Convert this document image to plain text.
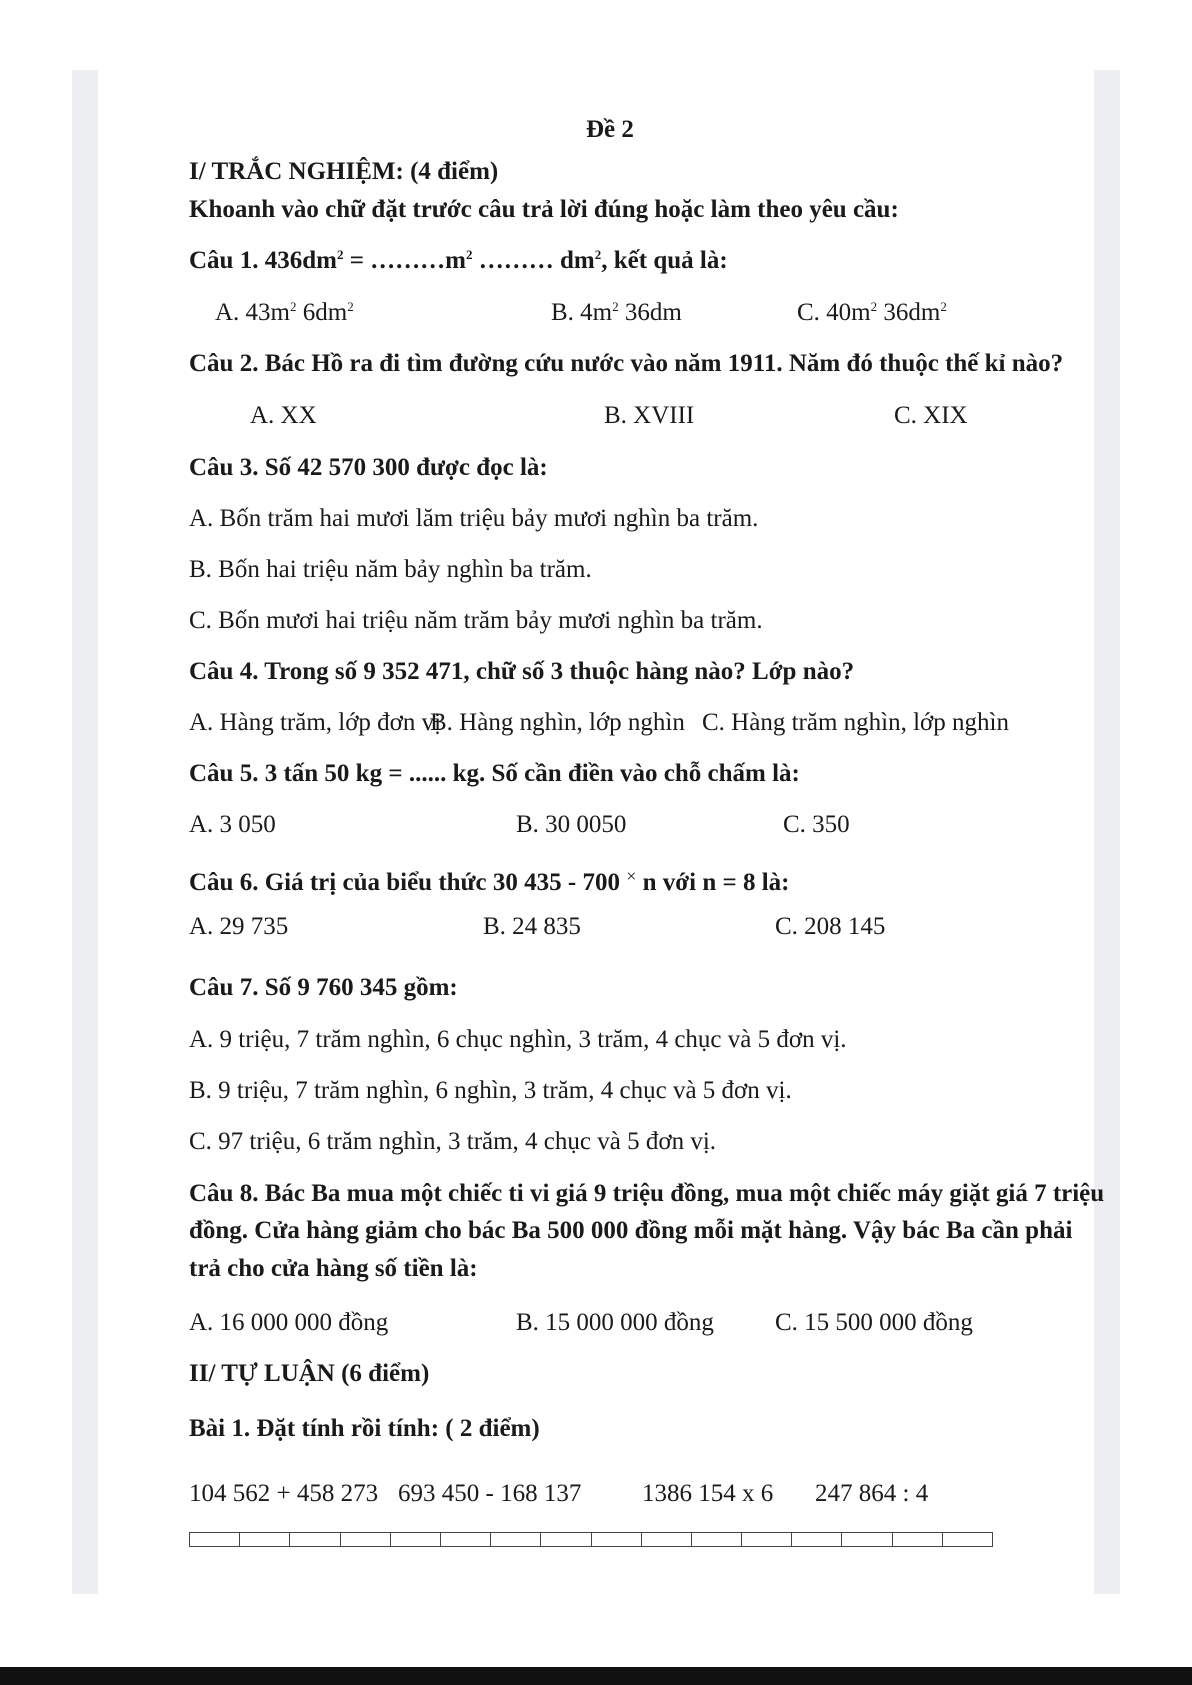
Đề 2
I/ TRẮC NGHIỆM: (4 điểm)
Khoanh vào chữ đặt trước câu trả lời đúng hoặc làm theo yêu cầu:
Câu 1. $436dm^2$ = $\dots\dots\dots m^2$ ……… $dm^2$, kết quả là:
A. $43m^2$ $6dm^2$	B. $4m^2$ 36dm	C. $40m^2$ $36dm^2$
Câu 2. Bác Hồ ra đi tìm đường cứu nước vào năm 1911. Năm đó thuộc thế kỉ nào?
A. XX	B. XVIII	C. XIX
Câu 3. Số 42 570 300 được đọc là:
A. Bốn trăm hai mươi lăm triệu bảy mươi nghìn ba trăm.
B. Bốn hai triệu năm bảy nghìn ba trăm.
C. Bốn mươi hai triệu năm trăm bảy mươi nghìn ba trăm.
Câu 4. Trong số 9 352 471, chữ số 3 thuộc hàng nào? Lớp nào?
A. Hàng trăm, lớp đơn vị
B. Hàng nghìn, lớp nghìn C. Hàng trăm nghìn, lớp nghìn
Câu 5. 3 tấn 50 kg = ...... kg. Số cần điền vào chỗ chấm là:
A. 3 050	B. 30 0050	C. 350
Câu 6. Giá trị của biểu thức 30 435 - 700 × n với n = 8 là:
A. 29 735	B. 24 835	C. 208 145
Câu 7. Số 9 760 345 gồm:
A. 9 triệu, 7 trăm nghìn, 6 chục nghìn, 3 trăm, 4 chục và 5 đơn vị.
B. 9 triệu, 7 trăm nghìn, 6 nghìn, 3 trăm, 4 chục và 5 đơn vị.
C. 97 triệu, 6 trăm nghìn, 3 trăm, 4 chục và 5 đơn vị.
Câu 8. Bác Ba mua một chiếc ti vi giá 9 triệu đồng, mua một chiếc máy giặt giá 7 triệu
đồng. Cửa hàng giảm cho bác Ba 500 000 đồng mỗi mặt hàng. Vậy bác Ba cần phải
trả cho cửa hàng số tiền là:
A. 16 000 000 đồng	B. 15 000 000 đồng C. 15 500 000 đồng
II/ TỰ LUẬN (6 điểm)
Bài 1. Đặt tính rồi tính: ( 2 điểm)
104 562 + 458 273 693 450 - 168 137 1386 154 x 6 247 864 : 4
